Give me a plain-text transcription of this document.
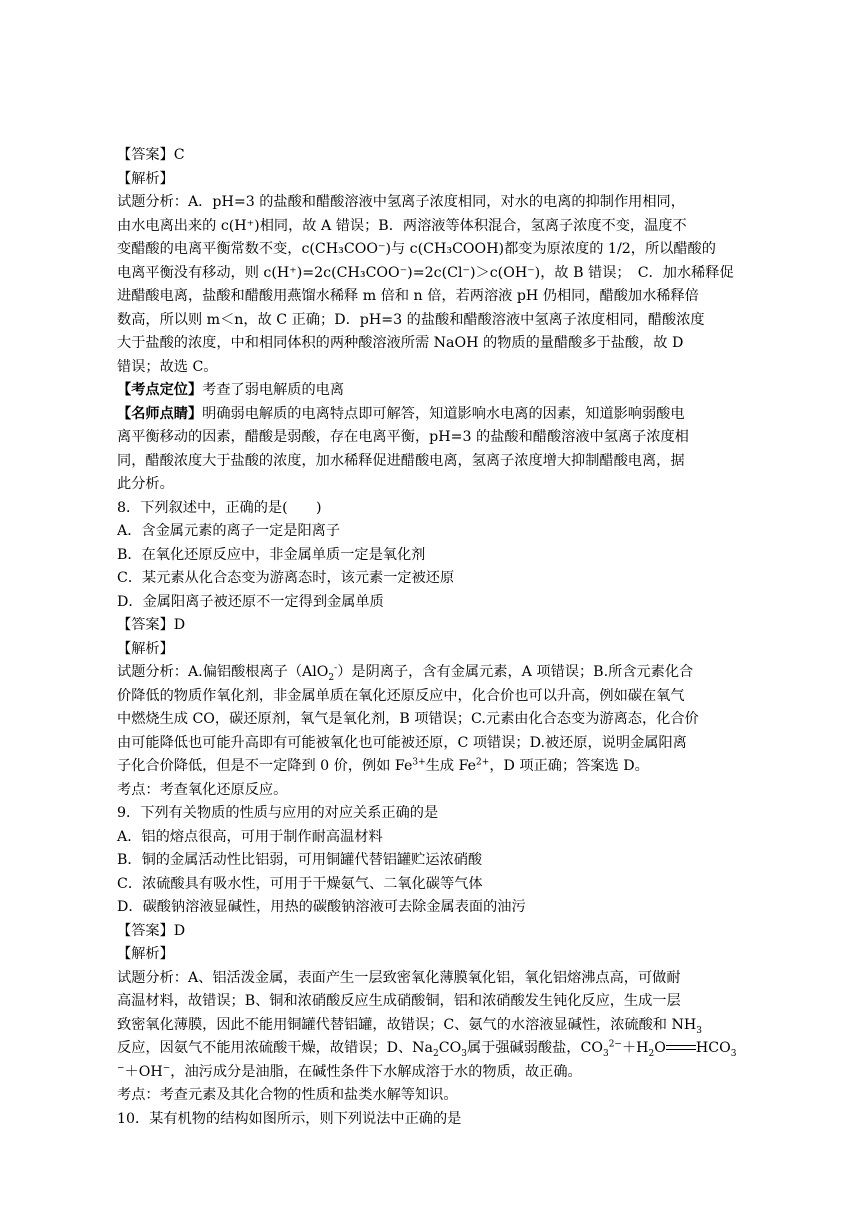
【答案】C
【解析】
试题分析：A．pH=3 的盐酸和醋酸溶液中氢离子浓度相同，对水的电离的抑制作用相同，
由水电离出来的 c(H⁺)相同，故 A 错误；B．两溶液等体积混合，氢离子浓度不变，温度不
变醋酸的电离平衡常数不变，c(CH₃COO⁻)与 c(CH₃COOH)都变为原浓度的 1/2，所以醋酸的
电离平衡没有移动，则 c(H⁺)=2c(CH₃COO⁻)=2c(Cl⁻)＞c(OH⁻)，故 B 错误；　C．加水稀释促
进醋酸电离，盐酸和醋酸用燕馏水稀释 m 倍和 n 倍，若两溶液 pH 仍相同，醋酸加水稀释倍
数高，所以则 m＜n，故 C 正确；D．pH=3 的盐酸和醋酸溶液中氢离子浓度相同，醋酸浓度
大于盐酸的浓度，中和相同体积的两种酸溶液所需 NaOH 的物质的量醋酸多于盐酸，故 D
错误；故选 C。
【考点定位】考查了弱电解质的电离
【名师点睛】明确弱电解质的电离特点即可解答，知道影响水电离的因素，知道影响弱酸电
离平衡移动的因素，醋酸是弱酸，存在电离平衡，pH=3 的盐酸和醋酸溶液中氢离子浓度相
同，醋酸浓度大于盐酸的浓度，加水稀释促进醋酸电离，氢离子浓度增大抑制醋酸电离，据
此分析。
8．下列叙述中，正确的是(　　)
A．含金属元素的离子一定是阳离子
B．在氧化还原反应中，非金属单质一定是氧化剂
C．某元素从化合态变为游离态时，该元素一定被还原
D．金属阳离子被还原不一定得到金属单质
【答案】D
【解析】
试题分析：A.偏铝酸根离子（AlO$_2$-）是阴离子，含有金属元素，A 项错误；B.所含元素化合
价降低的物质作氧化剂，非金属单质在氧化还原反应中，化合价也可以升高，例如碳在氧气
中燃烧生成 CO，碳还原剂，氧气是氧化剂，B 项错误；C.元素由化合态变为游离态，化合价
由可能降低也可能升高即有可能被氧化也可能被还原，C 项错误；D.被还原，说明金属阳离
子化合价降低，但是不一定降到 0 价，例如 $Fe^{3+}$生成 $Fe^{2+}$，D 项正确；答案选 D。
考点：考查氧化还原反应。
9．下列有关物质的性质与应用的对应关系正确的是
A．铝的熔点很高，可用于制作耐高温材料
B．铜的金属活动性比铝弱，可用铜罐代替铝罐贮运浓硝酸
C．浓硫酸具有吸水性，可用于干燥氨气、二氧化碳等气体
D．碳酸钠溶液显碱性，用热的碳酸钠溶液可去除金属表面的油污
【答案】D
【解析】
试题分析：A、铝活泼金属，表面产生一层致密氧化薄膜氧化铝，氧化铝熔沸点高，可做耐
高温材料，故错误；B、铜和浓硝酸反应生成硝酸铜，铝和浓硝酸发生钝化反应，生成一层
致密氧化薄膜，因此不能用铜罐代替铝罐，故错误；C、氨气的水溶液显碱性，浓硫酸和 $NH_3$
反应，因氨气不能用浓硫酸干燥，故错误；D、$Na_2CO_3$属于强碱弱酸盐，$CO_3^{2-}+H_2O$ $HCO_3$
−＋OH−，油污成分是油脂，在碱性条件下水解成溶于水的物质，故正确。
考点：考查元素及其化合物的性质和盐类水解等知识。
10．某有机物的结构如图所示，则下列说法中正确的是
